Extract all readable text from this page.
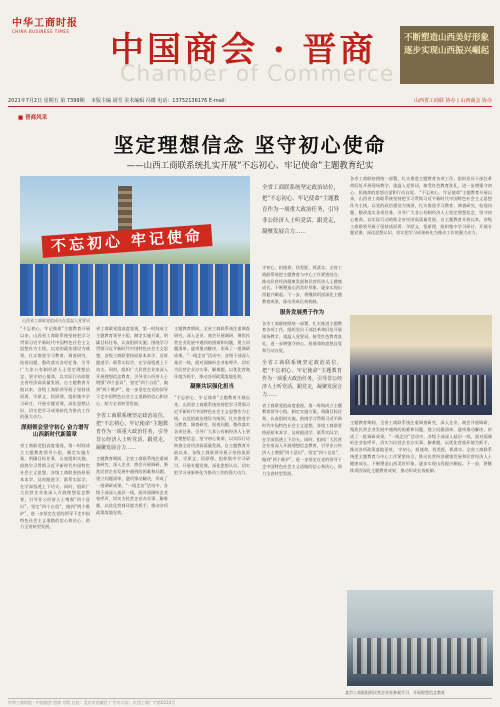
中华工商时报
CHINA BUSINESS TIMES 中国商会 · 晋商
Chamber of Commerce
不断塑造山西美好形象
逐步实现山西振兴崛起
2021年7月2日 星期五 第 7399期 本版主编 胡雪 美术编辑 冯微 电话：13752136176 E-mail：	山西省工商联 协办 | 山西商会 协办
■ 晋商风采
坚定理想信念 坚守初心使命
——山西工商联系统扎实开展“不忘初心、牢记使命”主题教育纪实
不忘初心 牢记使命
山西省工商联党组成员在重温入党誓词
全省工商联系统坚定政治站位，把“不忘初心、牢记使命”主题教育作为一项重大政治任务，引导非公经济人士听党话、跟党走，凝聚发展合力……
“不忘初心、牢记使命”主题教育开展以来，山西省工商联系统坚持把学习贯彻习近平新时代中国特色社会主义思想作为主线，以党的政治建设为统领，扎实推进学习教育、调查研究、检视问题、整改落实各项任务，引导广大非公有制经济人士坚定理想信念、坚守初心使命，以实际行动助推全省经济高质量发展。自主题教育开展以来，各级工商联领导班子坚持读原著、学原文、悟原理，组织集中学习研讨，开展专题党课，深化思想认识，切实把学习成果转化为推动工作的强大动力。
深刻领会坚守初心 奋力谱写山西新时代新篇章
省工商联党组高度重视，第一时间成立主题教育领导小组，制定实施方案，明确目标任务，认真组织实施。围绕学习贯彻习近平新时代中国特色社会主义思想，各级工商联坚持原原本本学、及时跟进学、联系实际学，在学深悟透上下功夫。同时，组织广大民营企业家深入开展理想信念教育，引导非公经济人士增强“四个意识”、坚定“四个自信”、做到“两个维护”，进一步坚定在党的领导下走中国特色社会主义道路的信心和决心，助力全省转型发展。
省工商联党组高度重视，第一时间成立主题教育领导小组，制定实施方案，明确目标任务，认真组织实施。围绕学习贯彻习近平新时代中国特色社会主义思想，各级工商联坚持原原本本学、及时跟进学、联系实际学，在学深悟透上下功夫。同时，组织广大民营企业家深入开展理想信念教育，引导非公经济人士增强“四个意识”、坚定“四个自信”、做到“两个维护”，进一步坚定在党的领导下走中国特色社会主义道路的信心和决心，助力全省转型发展。
全省工商联系统坚定政治站位，把“不忘初心、牢记使命”主题教育作为一项重大政治任务，引导非公经济人士听党话、跟党走，凝聚发展合力……
主题教育期间，全省工商联系统注重调查研究，深入企业、商会开展调研，聚焦民营企业发展中遇到的困难和问题，建立问题清单，逐项推动解决，形成了一批调研成果。“一线走访”活动中，各级干部深入基层一线，面对面倾听企业家呼声，切实为民营企业办实事、解难题，以优化营商环境为抓手，推动各项政策落地见效。
主题教育期间，全省工商联系统注重调查研究，深入企业、商会开展调研，聚焦民营企业发展中遇到的困难和问题，建立问题清单，逐项推动解决，形成了一批调研成果。“一线走访”活动中，各级干部深入基层一线，面对面倾听企业家呼声，切实为民营企业办实事、解难题，以优化营商环境为抓手，推动各项政策落地见效。
凝聚共识强化担当
“不忘初心、牢记使命”主题教育开展以来，山西省工商联系统坚持把学习贯彻习近平新时代中国特色社会主义思想作为主线，以党的政治建设为统领，扎实推进学习教育、调查研究、检视问题、整改落实各项任务，引导广大非公有制经济人士坚定理想信念、坚守初心使命，以实际行动助推全省经济高质量发展。自主题教育开展以来，各级工商联领导班子坚持读原著、学原文、悟原理，组织集中学习研讨，开展专题党课，深化思想认识，切实把学习成果转化为推动工作的强大动力。
守初心，担使命，找差距，抓落实。全省工商联系统把主题教育与中心工作紧密结合，推动民营经济健康发展和民营经济人士健康成长，不断塑造山西美好形象，逐步实现山西振兴崛起。下一步，将继续巩固深化主题教育成果，推动形成长效机制。
服务发展勇于作为
各市工商联按照统一部署，扎实推进主题教育各项工作，组织党员干部赴革命旧址开展现场教学，重温入党誓词，接受红色教育洗礼，进一步增强守初心、担使命的思想自觉和行动自觉。
全省工商联系统坚定政治站位，把“不忘初心、牢记使命”主题教育作为一项重大政治任务，引导非公经济人士听党话、跟党走，凝聚发展合力……
省工商联党组高度重视，第一时间成立主题教育领导小组，制定实施方案，明确目标任务，认真组织实施。围绕学习贯彻习近平新时代中国特色社会主义思想，各级工商联坚持原原本本学、及时跟进学、联系实际学，在学深悟透上下功夫。同时，组织广大民营企业家深入开展理想信念教育，引导非公经济人士增强“四个意识”、坚定“四个自信”、做到“两个维护”，进一步坚定在党的领导下走中国特色社会主义道路的信心和决心，助力全省转型发展。
各市工商联按照统一部署，扎实推进主题教育各项工作，组织党员干部赴革命旧址开展现场教学，重温入党誓词，接受红色教育洗礼，进一步增强守初心、担使命的思想自觉和行动自觉。 “不忘初心、牢记使命”主题教育开展以来，山西省工商联系统坚持把学习贯彻习近平新时代中国特色社会主义思想作为主线，以党的政治建设为统领，扎实推进学习教育、调查研究、检视问题、整改落实各项任务，引导广大非公有制经济人士坚定理想信念、坚守初心使命，以实际行动助推全省经济高质量发展。自主题教育开展以来，各级工商联领导班子坚持读原著、学原文、悟原理，组织集中学习研讨，开展专题党课，深化思想认识，切实把学习成果转化为推动工作的强大动力。
主题教育期间，全省工商联系统注重调查研究，深入企业、商会开展调研，聚焦民营企业发展中遇到的困难和问题，建立问题清单，逐项推动解决，形成了一批调研成果。“一线走访”活动中，各级干部深入基层一线，面对面倾听企业家呼声，切实为民营企业办实事、解难题，以优化营商环境为抓手，推动各项政策落地见效。 守初心，担使命，找差距，抓落实。全省工商联系统把主题教育与中心工作紧密结合，推动民营经济健康发展和民营经济人士健康成长，不断塑造山西美好形象，逐步实现山西振兴崛起。下一步，将继续巩固深化主题教育成果，推动形成长效机制。
某市工商联组织民营企业家参观学习，开展理想信念教育
中华工商时报 · 中国商会·晋商 专版 社址：北京市西城区 广告许可证：京西工商广字第0233号
